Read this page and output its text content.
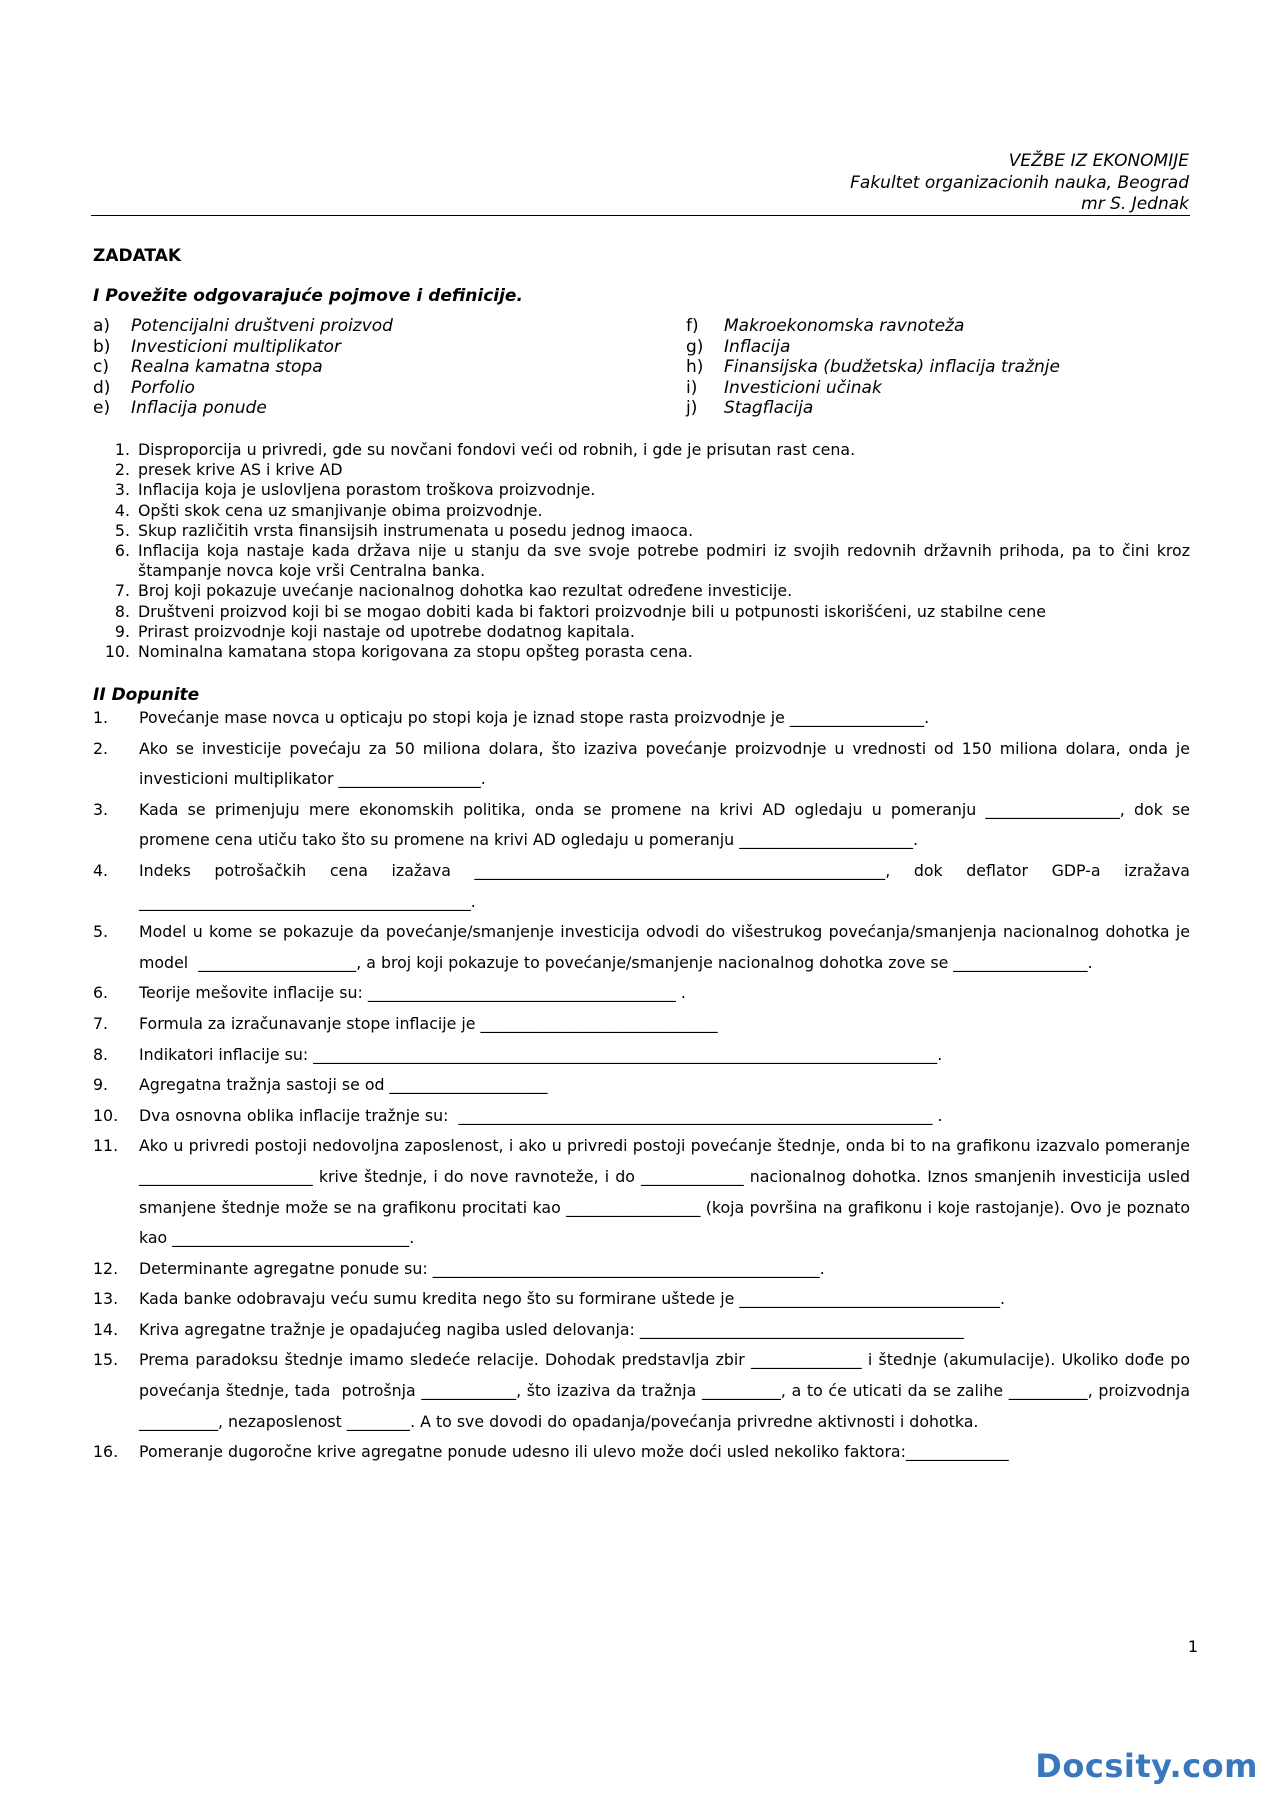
VEŽBE IZ EKONOMIJE
Fakultet organizacionih nauka, Beograd
mr S. Jednak
ZADATAK
I Povežite odgovarajuće pojmove i definicije.
a)	Potencijalni društveni proizvod
b)	Investicioni multiplikator
c)	Realna kamatna stopa
d)	Porfolio
e)	Inflacija ponude
f)	Makroekonomska ravnoteža
g)	Inflacija
h)	Finansijska (budžetska) inflacija tražnje
i)	Investicioni učinak
j)	Stagflacija
1. Disproporcija u privredi, gde su novčani fondovi veći od robnih, i gde je prisutan rast cena.
2. presek krive AS i krive AD
3. Inflacija koja je uslovljena porastom troškova proizvodnje.
4. Opšti skok cena uz smanjivanje obima proizvodnje.
5. Skup različitih vrsta finansijsih instrumenata u posedu jednog imaoca.
6. Inflacija koja nastaje kada država nije u stanju da sve svoje potrebe podmiri iz svojih redovnih državnih prihoda, pa to čini kroz štampanje novca koje vrši Centralna banka.
7. Broj koji pokazuje uvećanje nacionalnog dohotka kao rezultat određene investicije.
8. Društveni proizvod koji bi se mogao dobiti kada bi faktori proizvodnje bili u potpunosti iskorišćeni, uz stabilne cene
9. Prirast proizvodnje koji nastaje od upotrebe dodatnog kapitala.
10. Nominalna kamatana stopa korigovana za stopu opšteg porasta cena.
II Dopunite
1.	Povećanje mase novca u opticaju po stopi koja je iznad stope rasta proizvodnje je _________________.
2.	Ako se investicije povećaju za 50 miliona dolara, što izaziva povećanje proizvodnje u vrednosti od 150 miliona dolara, onda je  investicioni multiplikator __________________.
3.	Kada se primenjuju mere ekonomskih politika, onda se promene na krivi AD ogledaju u pomeranju _________________, dok se promene cena utiču tako što su promene na krivi AD ogledaju u pomeranju ______________________.
4.	Indeks potrošačkih cena izažava ____________________________________________________, dok deflator GDP-a izražava __________________________________________.
5.	Model u kome se pokazuje da povećanje/smanjenje investicija odvodi do višestrukog povećanja/smanjenja nacionalnog dohotka je model  ____________________, a broj koji pokazuje to povećanje/smanjenje nacionalnog dohotka zove se _________________.
6.	Teorije mešovite inflacije su: _______________________________________ .
7.	Formula za izračunavanje stope inflacije je ______________________________
8.	Indikatori inflacije su: _______________________________________________________________________________.
9.	Agregatna tražnja sastoji se od ____________________
10.	Dva osnovna oblika inflacije tražnje su:  ____________________________________________________________ .
11.	Ako u privredi postoji nedovoljna zaposlenost, i ako u privredi postoji povećanje štednje, onda bi to na grafikonu izazvalo pomeranje ______________________ krive štednje, i do nove ravnoteže, i do _____________ nacionalnog dohotka. Iznos smanjenih investicija usled smanjene štednje može se na grafikonu procitati kao _________________ (koja površina na grafikonu i koje rastojanje). Ovo je poznato kao ______________________________.
12.	Determinante agregatne ponude su: _________________________________________________.
13.	Kada banke odobravaju veću sumu kredita nego što su formirane uštede je _________________________________.
14.	Kriva agregatne tražnje je opadajućeg nagiba usled delovanja: _________________________________________
15.	Prema paradoksu štednje imamo sledeće relacije. Dohodak predstavlja zbir ______________ i štednje (akumulacije). Ukoliko dođe po povećanja štednje, tada  potrošnja ____________, što izaziva da tražnja __________, a to će uticati da se zalihe __________, proizvodnja __________, nezaposlenost ________. A to sve dovodi do opadanja/povećanja privredne aktivnosti i dohotka.
16.	Pomeranje dugoročne krive agregatne ponude udesno ili ulevo može doći usled nekoliko faktora:_____________
1
Docsity.com
